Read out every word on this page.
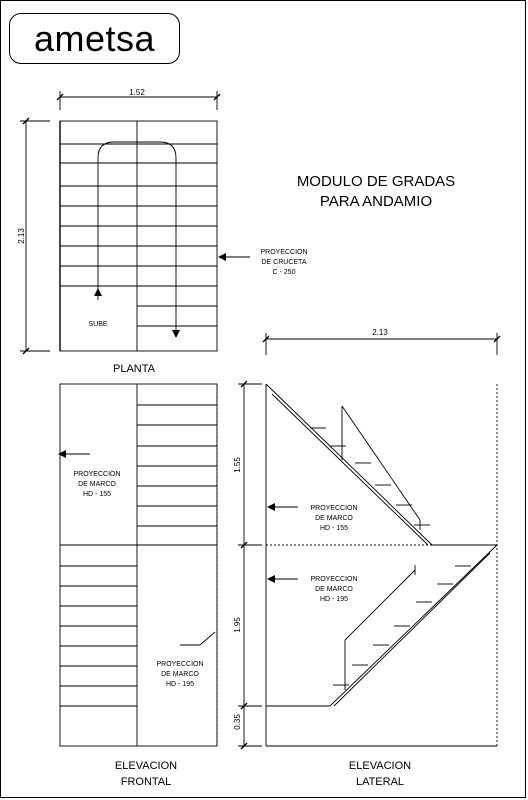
ametsa
MODULO DE GRADAS
PARA ANDAMIO
1.52
2.13
PLANTA
SUBE
PROYECCION
DE CRUCETA
C - 250
PROYECCION
DE MARCO
HD - 155
PROYECCION
DE MARCO
HD - 195
ELEVACION
FRONTAL
2.13
1.55
1.95
0.35
PROYECCION
DE MARCO
HD - 155
PROYECCION
DE MARCO
HD - 195
ELEVACION
LATERAL
